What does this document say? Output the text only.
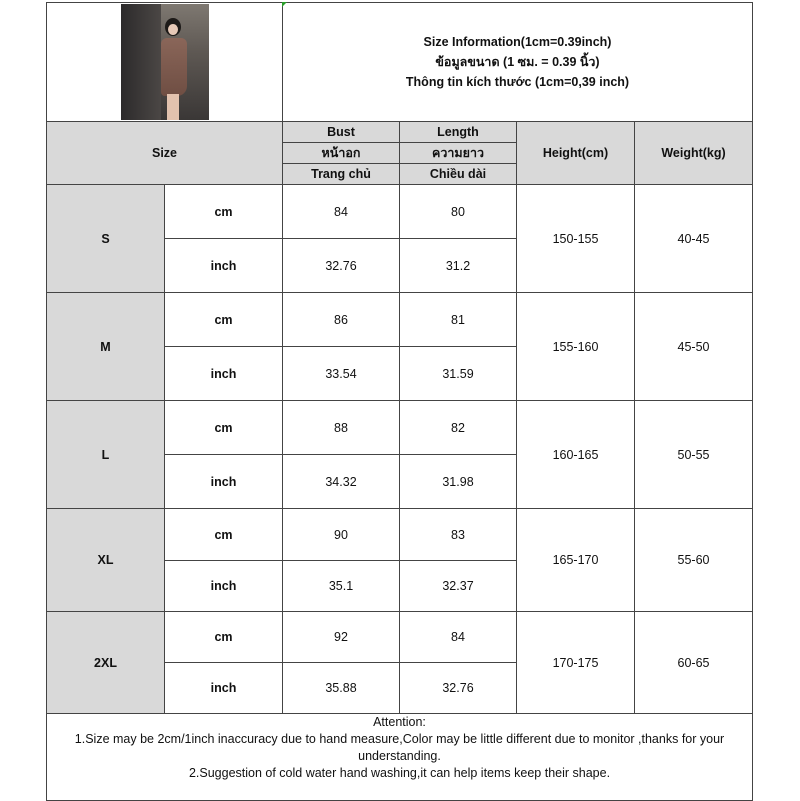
		Size Information(1cm=0.39inch)
ข้อมูลขนาด (1 ซม. = 0.39 นิ้ว)
Thông tin kích thước (1cm=0,39 inch)			

Size		Bust	Length	Height(cm)	Weight(kg)
		หน้าอก	ความยาว		
		Trang chủ	Chiều dài		
S	cm	84	80	150-155	40-45
	inch	32.76	31.2		
M	cm	86	81	155-160	45-50
	inch	33.54	31.59		
L	cm	88	82	160-165	50-55
	inch	34.32	31.98		
XL	cm	90	83	165-170	55-60
	inch	35.1	32.37		
2XL	cm	92	84	170-175	60-65
	inch	35.88	32.76		

Attention:
1.Size may be 2cm/1inch inaccuracy due to hand measure,Color may be little different due to monitor ,thanks for your understanding.
2.Suggestion of cold water hand washing,it can help items keep their shape.					
